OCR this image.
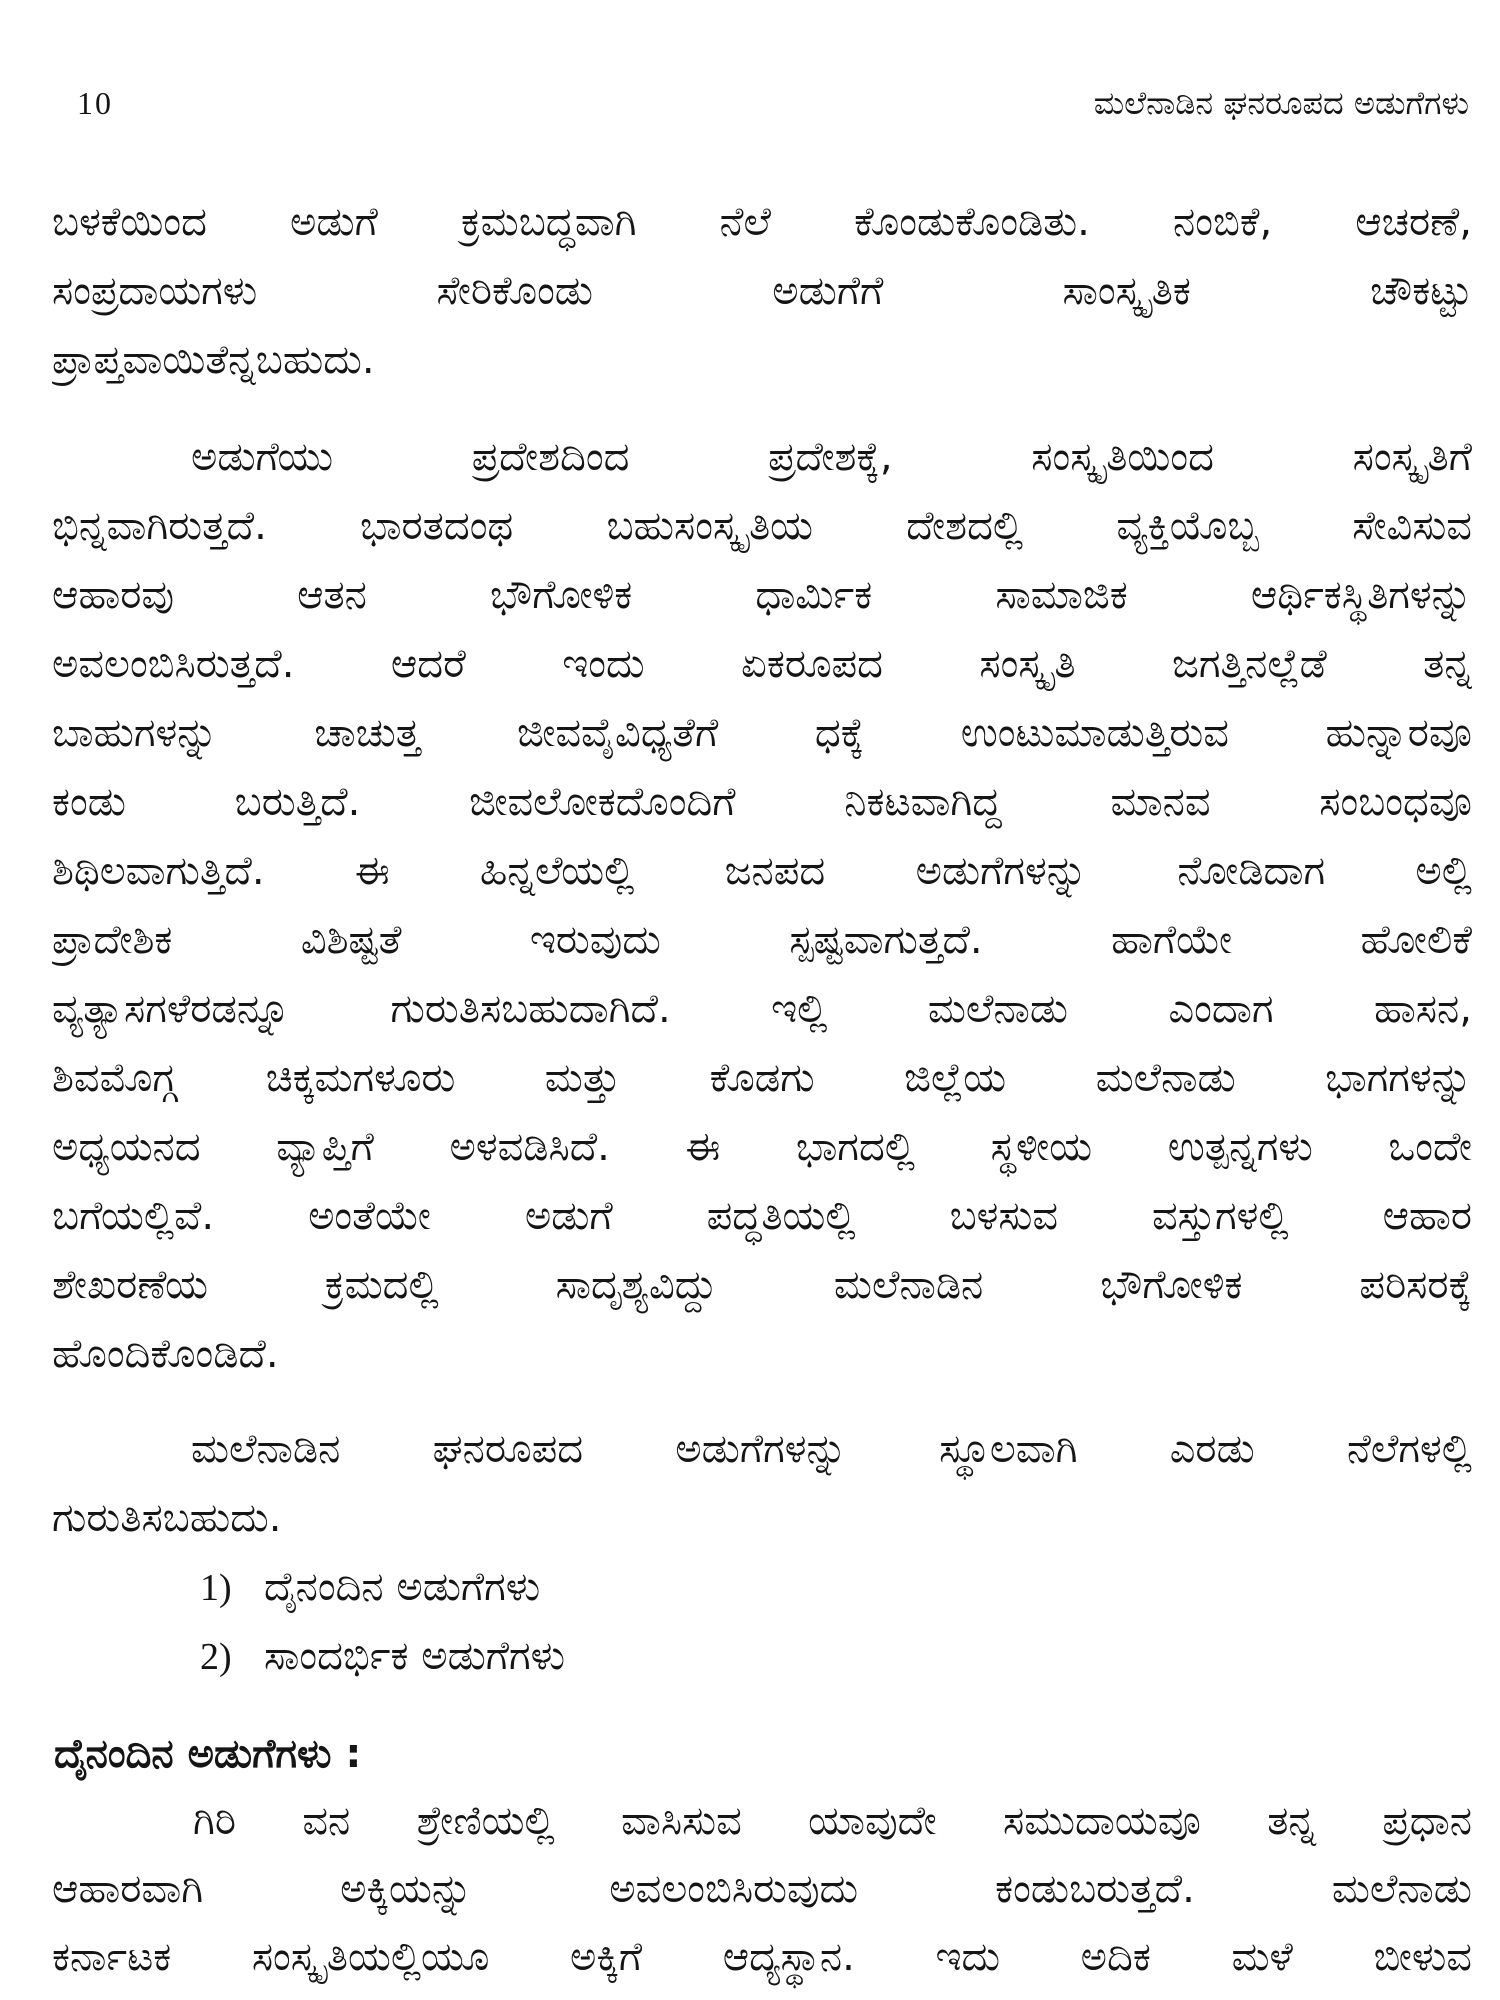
10	ಮಲೆನಾಡಿನ ಘನರೂಪದ ಅಡುಗೆಗಳು
ಬಳಕೆಯಿಂದ ಅಡುಗೆ ಕ್ರಮಬದ್ಧವಾಗಿ ನೆಲೆ ಕೊಂಡುಕೊಂಡಿತು. ನಂಬಿಕೆ, ಆಚರಣೆ,
ಸಂಪ್ರದಾಯಗಳು ಸೇರಿಕೊಂಡು ಅಡುಗೆಗೆ ಸಾಂಸ್ಕೃತಿಕ ಚೌಕಟ್ಟು
ಪ್ರಾಪ್ತವಾಯಿತೆನ್ನಬಹುದು.
ಅಡುಗೆಯು ಪ್ರದೇಶದಿಂದ ಪ್ರದೇಶಕ್ಕೆ, ಸಂಸ್ಕೃತಿಯಿಂದ ಸಂಸ್ಕೃತಿಗೆ
ಭಿನ್ನವಾಗಿರುತ್ತದೆ. ಭಾರತದಂಥ ಬಹುಸಂಸ್ಕೃತಿಯ ದೇಶದಲ್ಲಿ ವ್ಯಕ್ತಿಯೊಬ್ಬ ಸೇವಿಸುವ
ಆಹಾರವು ಆತನ ಭೌಗೋಳಿಕ ಧಾರ್ಮಿಕ ಸಾಮಾಜಿಕ ಆರ್ಥಿಕಸ್ಥಿತಿಗಳನ್ನು
ಅವಲಂಬಿಸಿರುತ್ತದೆ. ಆದರೆ ಇಂದು ಏಕರೂಪದ ಸಂಸ್ಕೃತಿ ಜಗತ್ತಿನಲ್ಲೆಡೆ ತನ್ನ
ಬಾಹುಗಳನ್ನು ಚಾಚುತ್ತ ಜೀವವೈವಿಧ್ಯತೆಗೆ ಧಕ್ಕೆ ಉಂಟುಮಾಡುತ್ತಿರುವ ಹುನ್ನಾರವೂ
ಕಂಡು ಬರುತ್ತಿದೆ. ಜೀವಲೋಕದೊಂದಿಗೆ ನಿಕಟವಾಗಿದ್ದ ಮಾನವ ಸಂಬಂಧವೂ
ಶಿಥಿಲವಾಗುತ್ತಿದೆ. ಈ ಹಿನ್ನಲೆಯಲ್ಲಿ ಜನಪದ ಅಡುಗೆಗಳನ್ನು ನೋಡಿದಾಗ ಅಲ್ಲಿ
ಪ್ರಾದೇಶಿಕ ವಿಶಿಷ್ಟತೆ ಇರುವುದು ಸ್ಪಷ್ಟವಾಗುತ್ತದೆ. ಹಾಗೆಯೇ ಹೋಲಿಕೆ
ವ್ಯತ್ಯಾಸಗಳೆರಡನ್ನೂ ಗುರುತಿಸಬಹುದಾಗಿದೆ. ಇಲ್ಲಿ ಮಲೆನಾಡು ಎಂದಾಗ ಹಾಸನ,
ಶಿವಮೊಗ್ಗ ಚಿಕ್ಕಮಗಳೂರು ಮತ್ತು ಕೊಡಗು ಜಿಲ್ಲೆಯ ಮಲೆನಾಡು ಭಾಗಗಳನ್ನು
ಅಧ್ಯಯನದ ವ್ಯಾಪ್ತಿಗೆ ಅಳವಡಿಸಿದೆ. ಈ ಭಾಗದಲ್ಲಿ ಸ್ಥಳೀಯ ಉತ್ಪನ್ನಗಳು ಒಂದೇ
ಬಗೆಯಲ್ಲಿವೆ. ಅಂತೆಯೇ ಅಡುಗೆ ಪದ್ಧತಿಯಲ್ಲಿ ಬಳಸುವ ವಸ್ತುಗಳಲ್ಲಿ ಆಹಾರ
ಶೇಖರಣೆಯ ಕ್ರಮದಲ್ಲಿ ಸಾದೃಶ್ಯವಿದ್ದು ಮಲೆನಾಡಿನ ಭೌಗೋಳಿಕ ಪರಿಸರಕ್ಕೆ
ಹೊಂದಿಕೊಂಡಿದೆ.
ಮಲೆನಾಡಿನ ಘನರೂಪದ ಅಡುಗೆಗಳನ್ನು ಸ್ಥೂಲವಾಗಿ ಎರಡು ನೆಲೆಗಳಲ್ಲಿ
ಗುರುತಿಸಬಹುದು.
1) ದೈನಂದಿನ ಅಡುಗೆಗಳು
2) ಸಾಂದರ್ಭಿಕ ಅಡುಗೆಗಳು
ದೈನಂದಿನ ಅಡುಗೆಗಳು :
ಗಿರಿ ವನ ಶ್ರೇಣಿಯಲ್ಲಿ ವಾಸಿಸುವ ಯಾವುದೇ ಸಮುದಾಯವೂ ತನ್ನ ಪ್ರಧಾನ
ಆಹಾರವಾಗಿ ಅಕ್ಕಿಯನ್ನು ಅವಲಂಬಿಸಿರುವುದು ಕಂಡುಬರುತ್ತದೆ. ಮಲೆನಾಡು
ಕರ್ನಾಟಕ ಸಂಸ್ಕೃತಿಯಲ್ಲಿಯೂ ಅಕ್ಕಿಗೆ ಆದ್ಯಸ್ಥಾನ. ಇದು ಅದಿಕ ಮಳೆ ಬೀಳುವ
